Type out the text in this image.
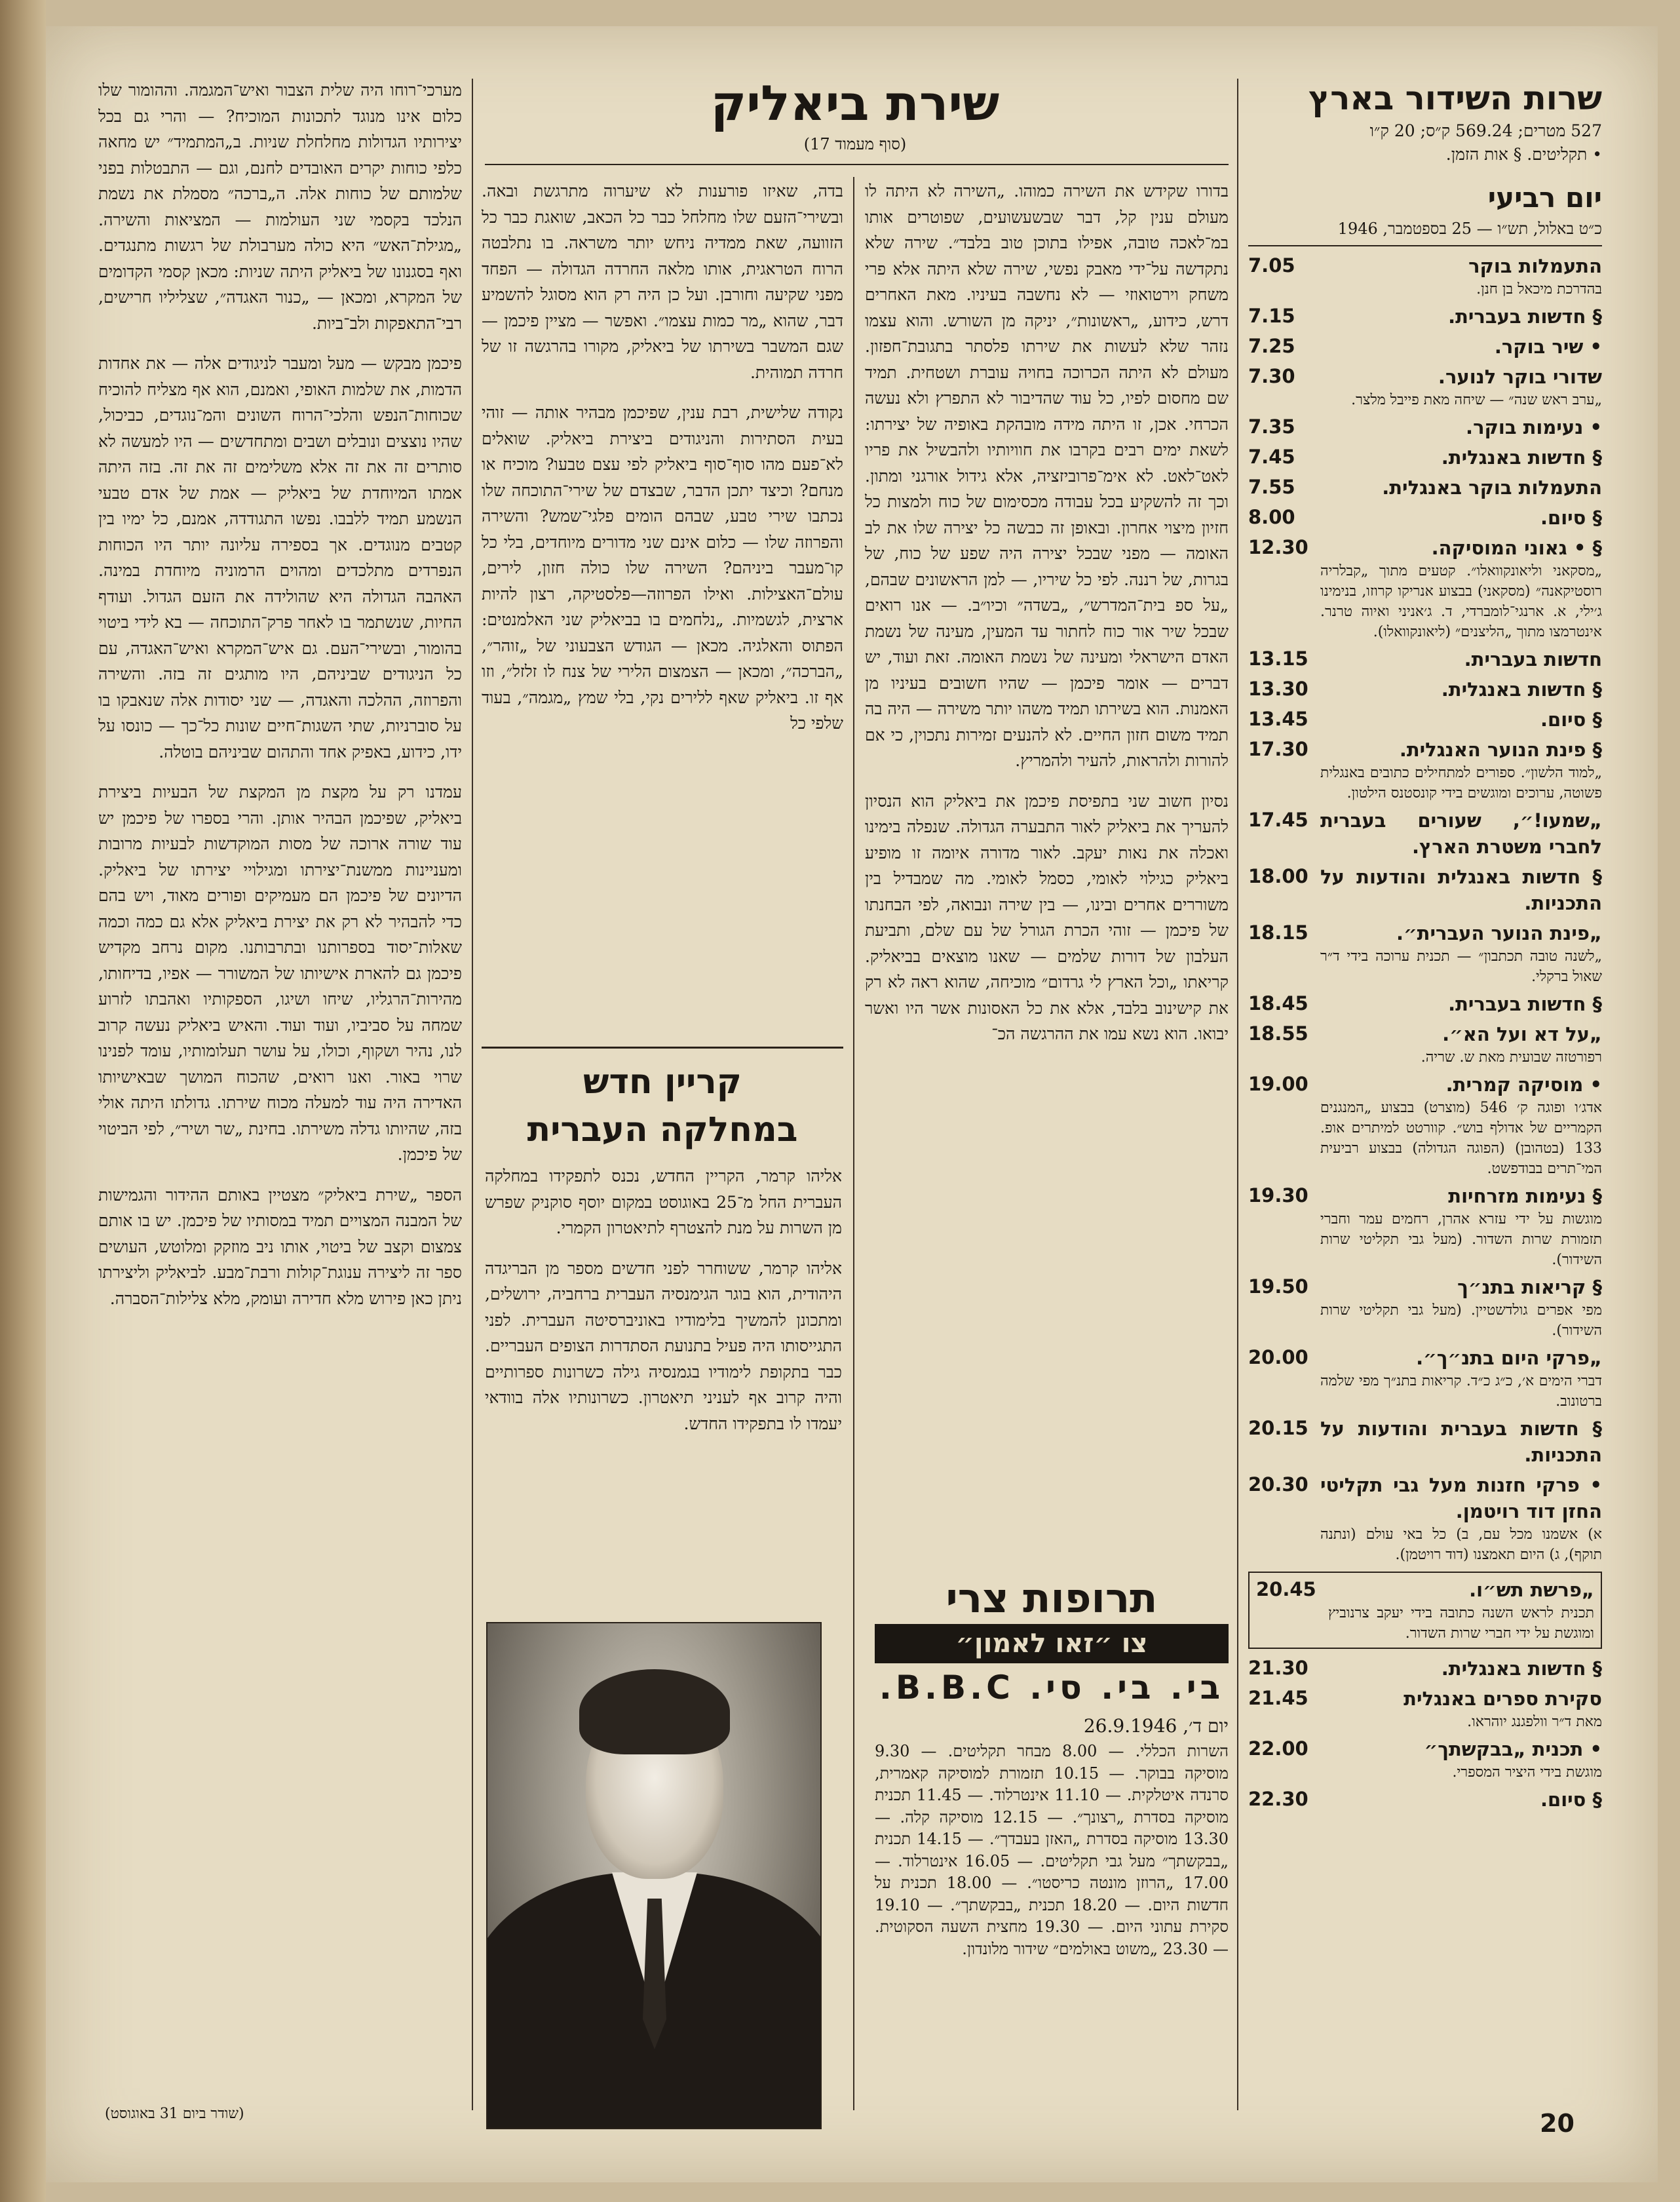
שרות השידור בארץ
527 מטרים; 569.24 ק״ס; 20 ק״ו
• תקליטים. § אות הזמן.
יום רביעי
כ״ט באלול, תש״ו — 25 בספטמבר, 1946
7.05	התעמלות בוקר
בהדרכת מיכאל בן חנן.
7.15	§ חדשות בעברית.
7.25	• שיר בוקר.
7.30	שדורי בוקר לנוער.
„ערב ראש שנה״ — שיחה מאת פייבל מלצר.
7.35	• נעימות בוקר.
7.45	§ חדשות באנגלית.
7.55	התעמלות בוקר באנגלית.
8.00	§ סיום.
12.30	§ • גאוני המוסיקה.
„מסקאני וליאונקוואלו״. קטעים מתוך „קבלריה רוסטיקאנה״ (מסקאני) בבצוע אנריקו קרוזו, בנימינו ג׳ילי, א. ארנגי־לומברדי, ד. ג׳אניני ואיוה טרנר. אינטרמצו מתוך „הליצנים״ (ליאונקוואלו).
13.15	חדשות בעברית.
13.30	§ חדשות באנגלית.
13.45	§ סיום.
17.30	§ פינת הנוער האנגלית.
„למוד הלשון״. ספורים למתחילים כתובים באנגלית פשוטה, ערוכים ומוגשים בידי קונסטנס הילטון.
17.45 „שמעו!״, שעורים בעברית לחברי משטרת הארץ.
18.00 § חדשות באנגלית והודעות על התכניות.
18.15	„פינת הנוער העברית״.
„לשנה טובה תכתבון״ — תכנית ערוכה בידי ד״ר שאול ברקלי.
18.45	§ חדשות בעברית.
18.55	„על דא ועל הא״.
רפורטזה שבועית מאת ש. שריה.
19.00	• מוסיקה קמרית.
אדג׳ו ופוגה ק׳ 546 (מוצרט) בבצוע „המנגנים הקמריים של אדולף בוש״. קוורטט למיתרים אופ. 133 (בטהובן) (הפוגה הגדולה) בבצוע רביעית המי־תרים בבודפשט.
19.30	§ נעימות מזרחיות
מוגשות על ידי עזרא אהרן, רחמים עמר וחברי תזמורת שרות השדור. (מעל גבי תקליטי שרות השידור).
19.50	§ קריאות בתנ״ך
מפי אפרים גולדשטיין. (מעל גבי תקליטי שרות השידור).
20.00	„פרקי היום בתנ״ך״.
דברי הימים א׳, כ״ג כ״ד. קריאות בתנ״ך מפי שלמה ברטונוב.
20.15 § חדשות בעברית והודעות על התכניות.
20.30 • פרקי חזנות מעל גבי תקליטי החזן דוד רויטמן.
א) אשמנו מכל עם, ב) כל באי עולם (ונתנה תוקף), ג) היום תאמצנו (דוד רויטמן).
20.45	„פרשת תש״ו.
תכנית לראש השנה כתובה בידי יעקב צרנוביץ ומוגשת על ידי חברי שרות השדור.
21.30	§ חדשות באנגלית.
21.45	סקירת ספרים באנגלית
מאת ד״ר וולפגנג יוהראו.
22.00	• תכנית „בבקשתך״
מוגשת בידי היציר המספרי.
22.30	§ סיום.
שירת ביאליק
(סוף מעמוד 17)

בדורו שקידש את השירה כמוהו. „השירה לא היתה לו מעולם ענין קל, דבר שבשעשועים, שפוטרים אותו במ־לאכה טובה, אפילו בתוכן טוב בלבד״. שירה שלא נתקדשה על־ידי מאבק נפשי, שירה שלא היתה אלא פרי משחק וירטואוזי — לא נחשבה בעיניו. מאת האחרים דרש, כידוע, „ראשונות״, יניקה מן השורש. והוא עצמו נזהר שלא לעשות את שירתו פלסתר בתגובת־חפזון. מעולם לא היתה הכרוכה בחויה עוברת ושטחית. תמיד שם מחסום לפיו, כל עוד שהדיבור לא התפרץ ולא נעשה הכרחי. אכן, זו היתה מידה מובהקת באופיה של יצירתו: לשאת ימים רבים בקרבו את חוויותיו ולהבשיל את פריו לאט־לאט. לא אימ־פרוביזציה, אלא גידול אורגני ומתון. וכך זה להשקיע בכל עבודה מכסימום של כוח ולמצות כל חזיון מיצוי אחרון. ובאופן זה כבשה כל יצירה שלו את לב האומה — מפני שבכל יצירה היה שפע של כוח, של בגרות, של רננה. לפי כל שיריו, — למן הראשונים שבהם, „על ספ בית־המדרש״, „בשדה״ וכיו״ב. — אנו רואים שבכל שיר אור כוח לחתור עד המעין, מעינה של נשמת האדם הישראלי ומעינה של נשמת האומה. זאת ועוד, יש דברים — אומר פיכמן — שהיו חשובים בעיניו מן האמנות. הוא בשירתו תמיד משהו יותר משירה — היה בה תמיד משום חזון החיים. לא להנעים זמירות נתכוין, כי אם להורות ולהראות, להעיר ולהמריץ.

נסיון חשוב שני בתפיסת פיכמן את ביאליק הוא הנסיון להעריך את ביאליק לאור התבערה הגדולה. שנפלה בימינו ואכלה את נאות יעקב. לאור מדורה איומה זו מופיע ביאליק כגילוי לאומי, כסמל לאומי. מה שמבדיל בין משוררים אחרים ובינו, — בין שירה ונבואה, לפי הבחנתו של פיכמן — זוהי הכרת הגורל של עם שלם, ותביעת העלבון של דורות שלמים — שאנו מוצאים בביאליק. קריאתו „וכל הארץ לי גרדום״ מוכיחה, שהוא ראה לא רק את קישינוב בלבד, אלא את כל האסונות אשר היו ואשר יבואו. הוא נשא עמו את ההרגשה הכ־

תרופות צרי
צו ״זאו לאמון״
בי. בי. סי. B.B.C.
יום ד׳, 26.9.1946
השרות הכללי. — 8.00 מבחר תקליטים. — 9.30 מוסיקה בבוקר. — 10.15 תזמורת למוסיקה קאמרית, סרנדה איטלקית. — 11.10 אינטרלוד. — 11.45 תכנית מוסיקה בסדרת „רצונך״. — 12.15 מוסיקה קלה. — 13.30 מוסיקה בסדרת „האזן בעבדך״. — 14.15 תכנית „בבקשתך״ מעל גבי תקליטים. — 16.05 אינטרלוד. — 17.00 „הרוזן מונטה כריסטו״. — 18.00 תכנית על חדשות היום. — 18.20 תכנית „בבקשתך״. — 19.10 סקירת עתוני היום. — 19.30 מחצית השעה הסקוטית. — 23.30 „משוט באולמים״ שידור מלונדון.

בדה, שאיזו פורענות לא שיערוה מתרגשת ובאה. ובשירי־הזעם שלו מחלחל כבר כל הכאב, שואגת כבר כל הזוועה, שאת ממדיה ניחש יותר משראה. בו נתלבטה הרוח הטראגית, אותו מלאה החרדה הגדולה — הפחד מפני שקיעה וחורבן. ועל כן היה רק הוא מסוגל להשמיע דבר, שהוא „מר כמות עצמו״. ואפשר — מציין פיכמן — שגם המשבר בשירתו של ביאליק, מקורו בהרגשה זו של חרדה תמוהית.

נקודה שלישית, רבת ענין, שפיכמן מבהיר אותה — זוהי בעית הסתירות והניגודים ביצירת ביאליק. שואלים לא־פעם מהו סוף־סוף ביאליק לפי עצם טבעו? מוכיח או מנחם? וכיצד יתכן הדבר, שבצדם של שירי־התוכחה שלו נכתבו שירי טבע, שבהם הומים פלגי־שמש? והשירה והפרוזה שלו — כלום אינם שני מדורים מיוחדים, בלי כל קו־מעבר ביניהם? השירה שלו כולה חזון, לירים, עולם־האצילות. ואילו הפרוזה—פלסטיקה, רצון להיות ארצית, לגשמיות. „נלחמים בו בביאליק שני האלמנטים: הפתוס והאלגיה. מכאן — הגודש הצבעוני של „זוהר״, „הברכה״, ומכאן — הצמצום הלירי של צנח לו זלזל״, וזו אף זו. ביאליק שאף ללירים נקי, בלי שמץ „מגמה״, בעוד שלפי כל

קריין חדש
במחלקה העברית

אליהו קרמר, הקריין החדש, נכנס לתפקידו במחלקה העברית החל מ־25 באוגוסט במקום יוסף סוקניק שפרש מן השרות על מנת להצטרף לתיאטרון הקמרי.

אליהו קרמר, ששוחרר לפני חדשים מספר מן הבריגדה היהודית, הוא בוגר הגימנסיה העברית ברחביה, ירושלים, ומתכונן להמשיך בלימודיו באוניברסיטה העברית. לפני התגייסותו היה פעיל בתנועת הסתדרות הצופים העבריים. כבר בתקופת לימודיו בגמנסיה גילה כשרונות ספרותיים והיה קרוב אף לעניני תיאטרון. כשרונותיו אלה בוודאי יעמדו לו בתפקידו החדש.

מערכי־רוחו היה שלית הצבור ואיש־המגמה. וההומור שלו כלום אינו מנוגד לתכונות המוכיח? — והרי גם בכל יצירותיו הגדולות מחלחלת שניות. ב„המתמיד״ יש מחאה כלפי כוחות יקרים האובדים לחנם, וגם — התבטלות בפני שלמותם של כוחות אלה. ה„ברכה״ מסמלת את נשמת הנלכד בקסמי שני העולמות — המציאות והשירה. „מגילת־האש״ היא כולה מערבולת של רגשות מתנגדים. ואף בסגנונו של ביאליק היתה שניות: מכאן קסמי הקדומים של המקרא, ומכאן — „כנור האגדה״, שצליליו חרישים, רבי־התאפקות ולב־ביות.

פיכמן מבקש — מעל ומעבר לניגודים אלה — את אחדות הדמות, את שלמות האופי, ואמנם, הוא אף מצליח להוכיח שכוחות־הנפש והלכי־הרוח השונים והמ־נוגדים, כביכול, שהיו נוצצים ונובלים ושבים ומתחדשים — היו למעשה לא סותרים זה את זה אלא משלימים זה את זה. בזה היתה אמתו המיוחדת של ביאליק — אמת של אדם טבעי הנשמע תמיד ללבבו. נפשו התגודדה, אמנם, כל ימיו בין קטבים מנוגדים. אך בספירה עליונה יותר היו הכוחות הנפרדים מתלכדים ומהוים הרמוניה מיוחדת במינה. האהבה הגדולה היא שהולידה את הזעם הגדול. ועודף החיות, שנשתמר בו לאחר פרק־התוכחה — בא לידי ביטוי בהומור, ובשירי־העם. גם איש־המקרא ואיש־האגדה, עם כל הניגודים שביניהם, היו מותגים זה בזה. והשירה והפרוזה, ההלכה והאגדה, — שני יסודות אלה שנאבקו בו על סוברניות, שתי השגות־חיים שונות כל־כך — כונסו על ידו, כידוע, באפיק אחד והתהום שביניהם בוטלה.

עמדנו רק על מקצת מן המקצת של הבעיות ביצירת ביאליק, שפיכמן הבהיר אותן. והרי בספרו של פיכמן יש עוד שורה ארוכה של מסות המוקדשות לבעיות מרובות ומעניינות ממשנת־יצירתו ומגילויי יצירתו של ביאליק. הדיונים של פיכמן הם מעמיקים ופורים מאוד, ויש בהם כדי להבהיר לא רק את יצירת ביאליק אלא גם כמה וכמה שאלות־יסוד בספרותנו ובתרבותנו. מקום נרחב מקדיש פיכמן גם להארת אישיותו של המשורר — אפיו, בדיחותו, מהירות־הרגליו, שיחו ושיגו, הספקותיו ואהבתו לזרוע שמחה על סביביו, ועוד ועוד. והאיש ביאליק נעשה קרוב לנו, נהיר ושקוף, וכולו, על עושר תעלומותיו, עומד לפנינו שרוי באור. ואנו רואים, שהכוח המושך שבאישיותו האדירה היה עוד למעלה מכוח שירתו. גדולתו היתה אולי בזה, שהיותו גדלה משירתו. בחינת „שר ושיר״, לפי הביטוי של פיכמן.

הספר „שירת ביאליק״ מצטיין באותם ההידור והגמישות של המבנה המצויים תמיד במסותיו של פיכמן. יש בו אותם צמצום וקצב של ביטוי, אותו ניב מוזקק ומלוטש, העושים ספר זה ליצירה ענוגת־קולות ורבת־מבע. לביאליק וליצירתו ניתן כאן פירוש מלא חדירה ועומק, מלא צלילות־הסברה.

(שודר ביום 31 באוגוסט)	20
